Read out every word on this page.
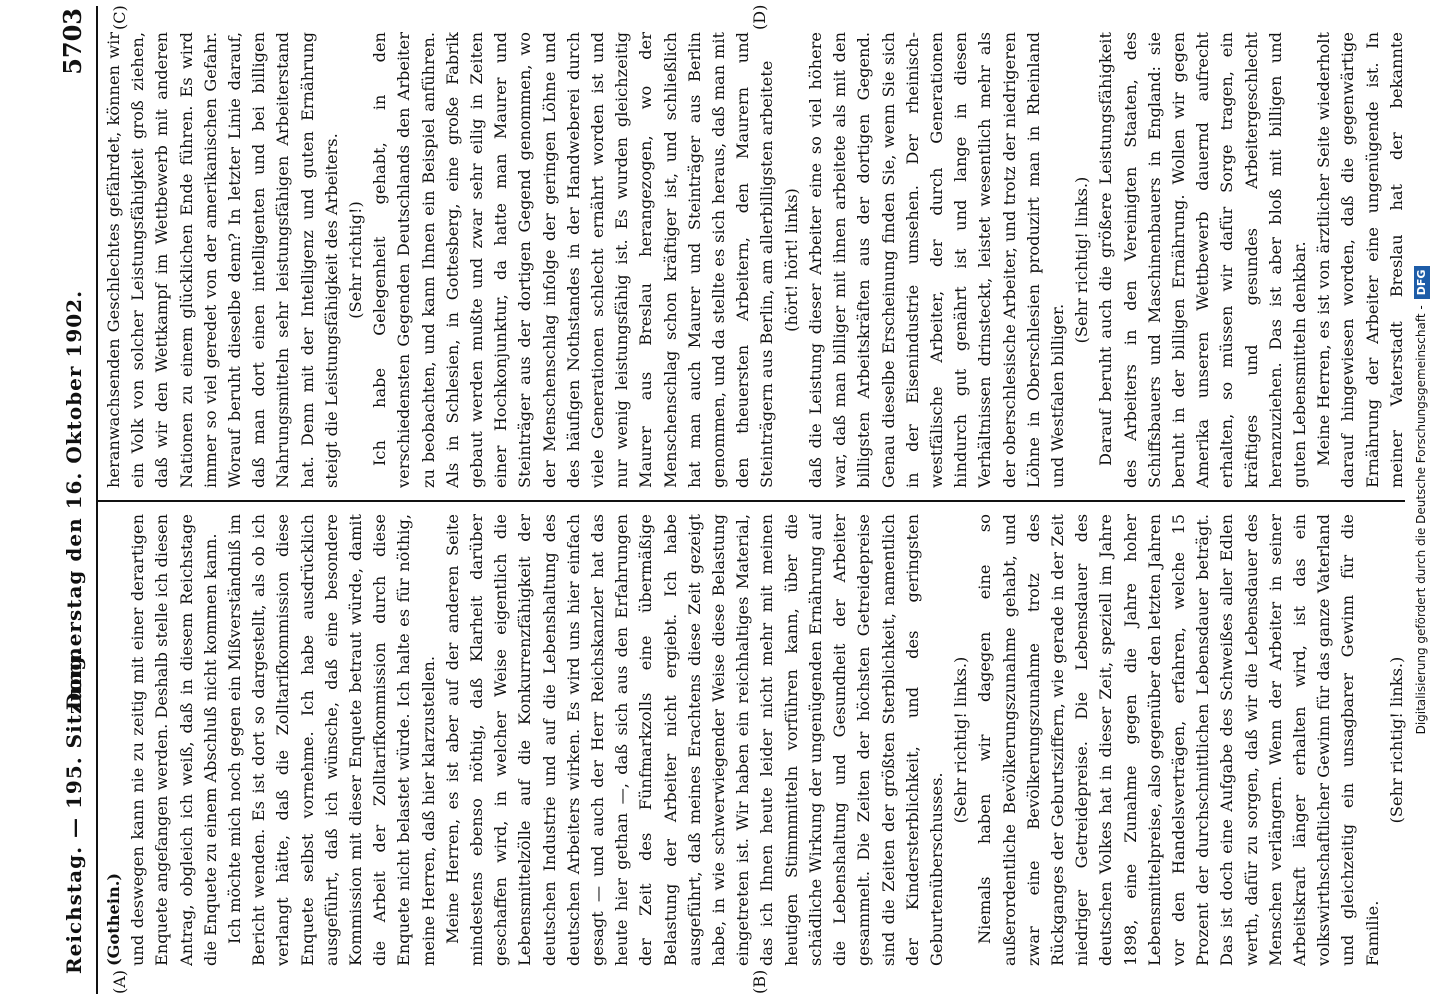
Reichstag. — 195. Sitzung.
Donnerstag den 16. Oktober 1902.
5703

(Gothein.) und deswegen kann nie zu zeitig mit einer derartigen Enquete angefangen werden. Deshalb stelle ich diesen Antrag, obgleich ich weiß, daß in diesem Reichstage die Enquete zu einem Abschluß nicht kommen kann. Ich möchte mich noch gegen ein Mißverständniß im Bericht wenden. Es ist dort so dargestellt, als ob ich verlangt hätte, daß die Zolltarifkommission diese Enquete selbst vornehme. Ich habe ausdrücklich ausgeführt, daß ich wünsche, daß eine besondere Kommission mit dieser Enquete betraut würde, damit die Arbeit der Zolltarifkommission durch diese Enquete nicht belastet würde. Ich halte es für nöthig, meine Herren, daß hier klarzustellen. Meine Herren, es ist aber auf der anderen Seite mindestens ebenso nöthig, daß Klarheit darüber geschaffen wird, in welcher Weise eigentlich die Lebensmittelzölle auf die Konkurrenzfähigkeit der deutschen Industrie und auf die Lebenshaltung des deutschen Arbeiters wirken. Es wird uns hier einfach gesagt — und auch der Herr Reichskanzler hat das heute hier gethan —, daß sich aus den Erfahrungen der Zeit des Fünfmarkzolls eine übermäßige Belastung der Arbeiter nicht ergiebt. Ich habe ausgeführt, daß meines Erachtens diese Zeit gezeigt habe, in wie schwerwiegender Weise diese Belastung eingetreten ist. Wir haben ein reichhaltiges Material, das ich Ihnen heute leider nicht mehr mit meinen heutigen Stimmmitteln vorführen kann, über die schädliche Wirkung der ungenügenden Ernährung auf die Lebenshaltung und Gesundheit der Arbeiter gesammelt. Die Zeiten der höchsten Getreidepreise sind die Zeiten der größten Sterblichkeit, namentlich der Kindersterblichkeit, und des geringsten Geburtenüberschusses.

(Sehr richtig! links.) Niemals haben wir dagegen eine so außerordentliche Bevölkerungszunahme gehabt, und zwar eine Bevölkerungszunahme trotz des Rückganges der Geburtsziffern, wie gerade in der Zeit niedriger Getreidepreise. Die Lebensdauer des deutschen Volkes hat in dieser Zeit, speziell im Jahre 1898, eine Zunahme gegen die Jahre hoher Lebensmittelpreise, also gegenüber den letzten Jahren vor den Handelsverträgen, erfahren, welche 15 Prozent der durchschnittlichen Lebensdauer beträgt. Das ist doch eine Aufgabe des Schweißes aller Edlen werth, dafür zu sorgen, daß wir die Lebensdauer des Menschen verlängern. Wenn der Arbeiter in seiner Arbeitskraft länger erhalten wird, ist das ein volkswirthschaftlicher Gewinn für das ganze Vaterland und gleichzeitig ein unsagbarer Gewinn für die Familie.

(Sehr richtig! links.)

heranwachsenden Geschlechtes gefährdet, können wir ein Volk von solcher Leistungsfähigkeit groß ziehen, daß wir den Wettkampf im Wettbewerb mit anderen Nationen zu einem glücklichen Ende führen. Es wird immer so viel geredet von der amerikanischen Gefahr. Worauf beruht dieselbe denn? In letzter Linie darauf, daß man dort einen intelligenten und bei billigen Nahrungsmitteln sehr leistungsfähigen Arbeiterstand hat. Denn mit der Intelligenz und guten Ernährung steigt die Leistungsfähigkeit des Arbeiters. (Sehr richtig!) Ich habe Gelegenheit gehabt, in den verschiedensten Gegenden Deutschlands den Arbeiter zu beobachten, und kann Ihnen ein Beispiel anführen. Als in Schlesien, in Gottesberg, eine große Fabrik gebaut werden mußte und zwar sehr eilig in Zeiten einer Hochkonjunktur, da hatte man Maurer und Steinträger aus der dortigen Gegend genommen, wo der Menschenschlag infolge der geringen Löhne und des häufigen Nothstandes in der Handweberei durch viele Generationen schlecht ernährt worden ist und nur wenig leistungsfähig ist. Es wurden gleichzeitig Maurer aus Breslau herangezogen, wo der Menschenschlag schon kräftiger ist, und schließlich hat man auch Maurer und Steinträger aus Berlin genommen, und da stellte es sich heraus, daß man mit den theuersten Arbeitern, den Maurern und Steinträgern aus Berlin, am allerbilligsten arbeitete (hört! hört! links) daß die Leistung dieser Arbeiter eine so viel höhere war, daß man billiger mit ihnen arbeitete als mit den billigsten Arbeitskräften aus der dortigen Gegend. Genau dieselbe Erscheinung finden Sie, wenn Sie sich in der Eisenindustrie umsehen. Der rheinisch-westfälische Arbeiter, der durch Generationen hindurch gut genährt ist und lange in diesen Verhältnissen drinsteckt, leistet wesentlich mehr als der oberschlesische Arbeiter, und trotz der niedrigeren Löhne in Oberschlesien produzirt man in Rheinland und Westfalen billiger.

(Sehr richtig! links.) Darauf beruht auch die größere Leistungsfähigkeit des Arbeiters in den Vereinigten Staaten, des Schiffsbauers und Maschinenbauers in England: sie beruht in der billigen Ernährung. Wollen wir gegen Amerika unseren Wettbewerb dauernd aufrecht erhalten, so müssen wir dafür Sorge tragen, ein kräftiges und gesundes Arbeitergeschlecht heranzuziehen. Das ist aber bloß mit billigen und guten Lebensmitteln denkbar. Meine Herren, es ist von ärztlicher Seite wiederholt darauf hingewiesen worden, daß die gegenwärtige Ernährung der Arbeiter eine ungenügende ist. In meiner Vaterstadt Breslau hat der bekannte

(A)	(B)
(C)	(D)
Digitalisierung gefördert durch die Deutsche Forschungsgemeinschaft -DFG
